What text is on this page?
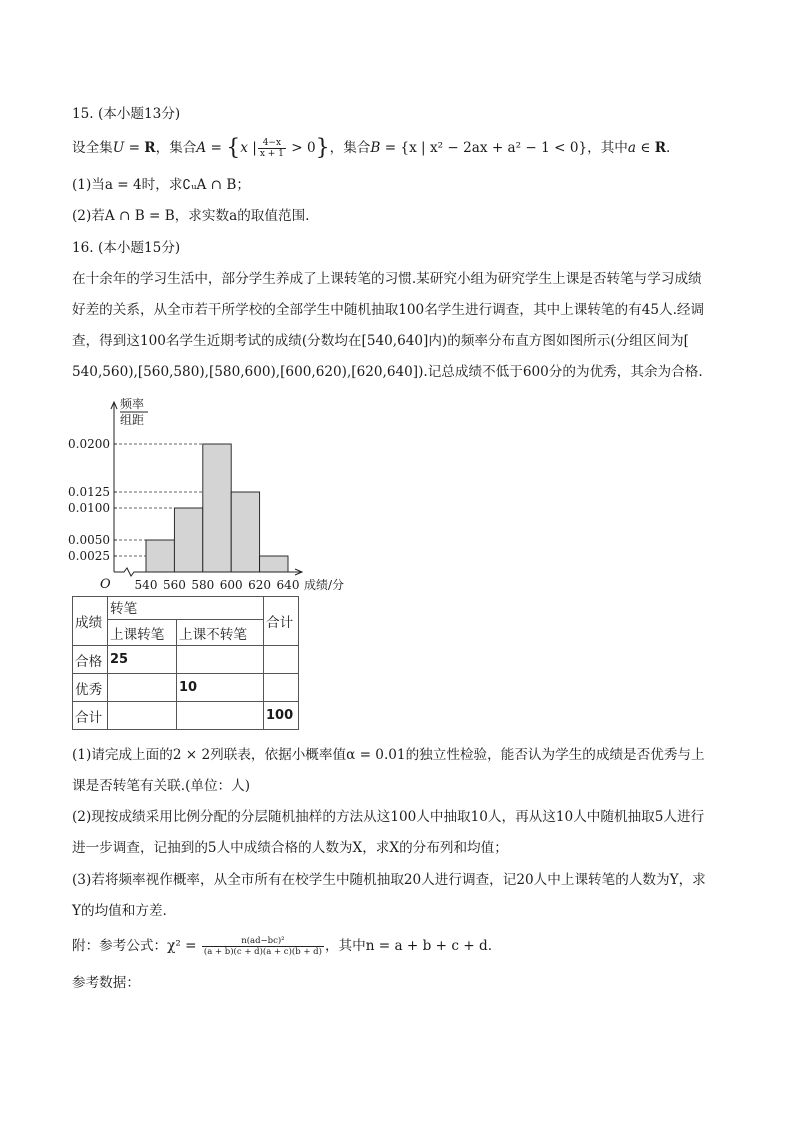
15. (本小题13分)
设全集U = R，集合A = {x | $\frac{4-x}{x + 1} > 0$}，集合B = {x | x² − 2ax + a² − 1 < 0}，其中a ∈ R.
(1)当a = 4时，求∁ᵤA ∩ B；
(2)若A ∩ B = B，求实数a的取值范围.
16. (本小题15分)
在十余年的学习生活中，部分学生养成了上课转笔的习惯.某研究小组为研究学生上课是否转笔与学习成绩
好差的关系，从全市若干所学校的全部学生中随机抽取100名学生进行调查，其中上课转笔的有45人.经调
查，得到这100名学生近期考试的成绩(分数均在[540,640]内)的频率分布直方图如图所示(分组区间为[
540,560),[560,580),[580,600),[600,620),[620,640]).记总成绩不低于600分的为优秀，其余为合格.
0.0025
0.0050
0.0100
0.0125
0.0200
540 560 580 600 620 640
O	成绩/分
频率
组距
成绩	转笔		合计
	上课转笔	上课不转笔	
合格	25		
优秀		10	
合计			100
(1)请完成上面的2 × 2列联表，依据小概率值α = 0.01的独立性检验，能否认为学生的成绩是否优秀与上
课是否转笔有关联.(单位：人)
(2)现按成绩采用比例分配的分层随机抽样的方法从这100人中抽取10人，再从这10人中随机抽取5人进行
进一步调查，记抽到的5人中成绩合格的人数为X，求X的分布列和均值；
(3)若将频率视作概率，从全市所有在校学生中随机抽取20人进行调查，记20人中上课转笔的人数为Y，求
Y的均值和方差.
附：参考公式：$\chi^2 = \frac{\text{n(ad−bc)²}}{(a + b)(c + d)(a + c)(b + d)}$ ，其中n = a + b + c + d.
参考数据：
